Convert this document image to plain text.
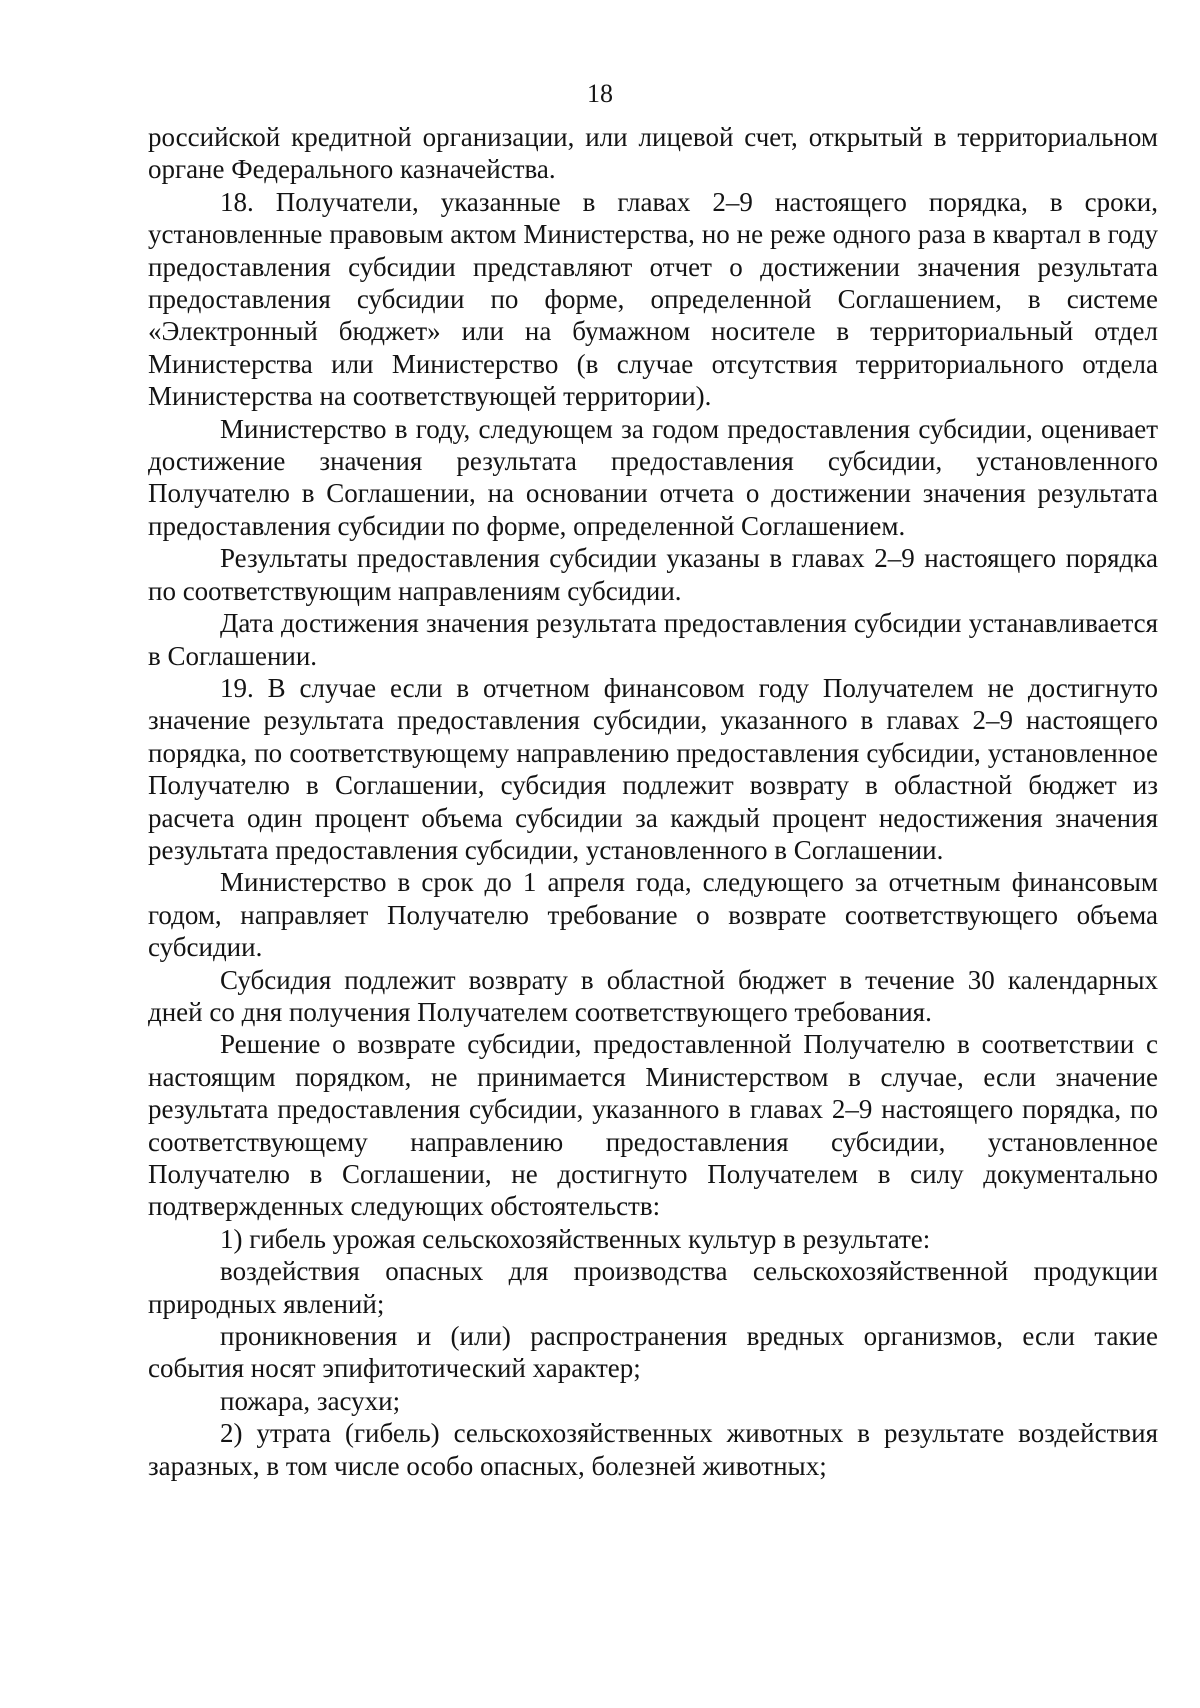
18

российской кредитной организации, или лицевой счет, открытый в территориальном органе Федерального казначейства.

18. Получатели, указанные в главах 2–9 настоящего порядка, в сроки, установленные правовым актом Министерства, но не реже одного раза в квартал в году предоставления субсидии представляют отчет о достижении значения результата предоставления субсидии по форме, определенной Соглашением, в системе «Электронный бюджет» или на бумажном носителе в территориальный отдел Министерства или Министерство (в случае отсутствия территориального отдела Министерства на соответствующей территории).

Министерство в году, следующем за годом предоставления субсидии, оценивает достижение значения результата предоставления субсидии, установленного Получателю в Соглашении, на основании отчета о достижении значения результата предоставления субсидии по форме, определенной Соглашением.

Результаты предоставления субсидии указаны в главах 2–9 настоящего порядка по соответствующим направлениям субсидии.

Дата достижения значения результата предоставления субсидии устанавливается в Соглашении.

19. В случае если в отчетном финансовом году Получателем не достигнуто значение результата предоставления субсидии, указанного в главах 2–9 настоящего порядка, по соответствующему направлению предоставления субсидии, установленное Получателю в Соглашении, субсидия подлежит возврату в областной бюджет из расчета один процент объема субсидии за каждый процент недостижения значения результата предоставления субсидии, установленного в Соглашении.

Министерство в срок до 1 апреля года, следующего за отчетным финансовым годом, направляет Получателю требование о возврате соответствующего объема субсидии.

Субсидия подлежит возврату в областной бюджет в течение 30 календарных дней со дня получения Получателем соответствующего требования.

Решение о возврате субсидии, предоставленной Получателю в соответствии с настоящим порядком, не принимается Министерством в случае, если значение результата предоставления субсидии, указанного в главах 2–9 настоящего порядка, по соответствующему направлению предоставления субсидии, установленное Получателю в Соглашении, не достигнуто Получателем в силу документально подтвержденных следующих обстоятельств:

1) гибель урожая сельскохозяйственных культур в результате:

воздействия опасных для производства сельскохозяйственной продукции природных явлений;

проникновения и (или) распространения вредных организмов, если такие события носят эпифитотический характер;

пожара, засухи;

2) утрата (гибель) сельскохозяйственных животных в результате воздействия заразных, в том числе особо опасных, болезней животных;
